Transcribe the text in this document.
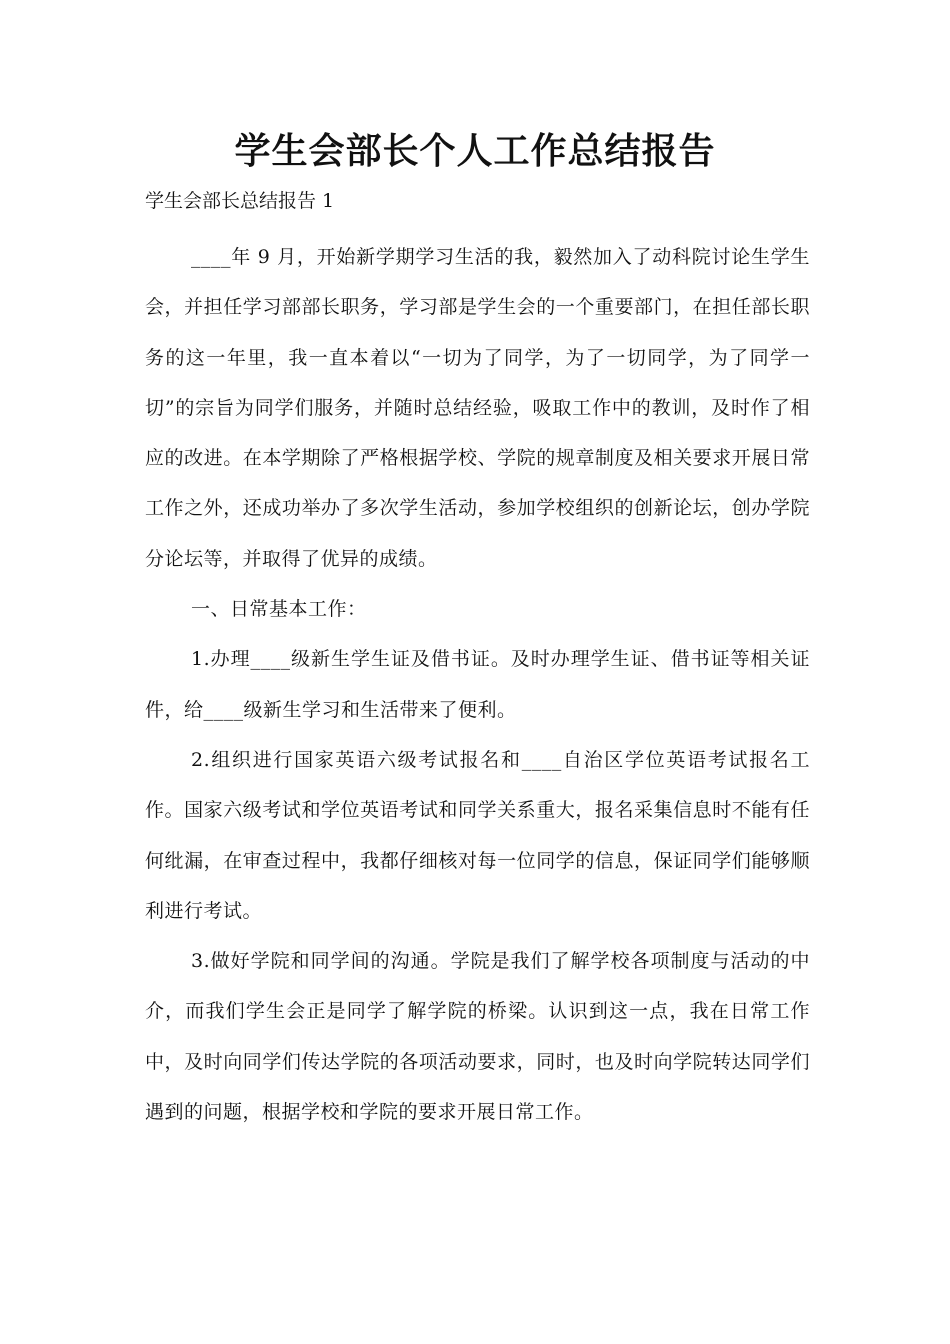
学生会部长个人工作总结报告
学生会部长总结报告 1

____年 9 月，开始新学期学习生活的我，毅然加入了动科院讨论生学生会，并担任学习部部长职务，学习部是学生会的一个重要部门，在担任部长职务的这一年里，我一直本着以“一切为了同学，为了一切同学，为了同学一切”的宗旨为同学们服务，并随时总结经验，吸取工作中的教训，及时作了相应的改进。在本学期除了严格根据学校、学院的规章制度及相关要求开展日常工作之外，还成功举办了多次学生活动，参加学校组织的创新论坛，创办学院分论坛等，并取得了优异的成绩。

一、日常基本工作：

1.办理____级新生学生证及借书证。及时办理学生证、借书证等相关证件，给____级新生学习和生活带来了便利。

2.组织进行国家英语六级考试报名和____自治区学位英语考试报名工作。国家六级考试和学位英语考试和同学关系重大，报名采集信息时不能有任何纰漏，在审查过程中，我都仔细核对每一位同学的信息，保证同学们能够顺利进行考试。

3.做好学院和同学间的沟通。学院是我们了解学校各项制度与活动的中介，而我们学生会正是同学了解学院的桥梁。认识到这一点，我在日常工作中，及时向同学们传达学院的各项活动要求，同时，也及时向学院转达同学们遇到的问题，根据学校和学院的要求开展日常工作。
